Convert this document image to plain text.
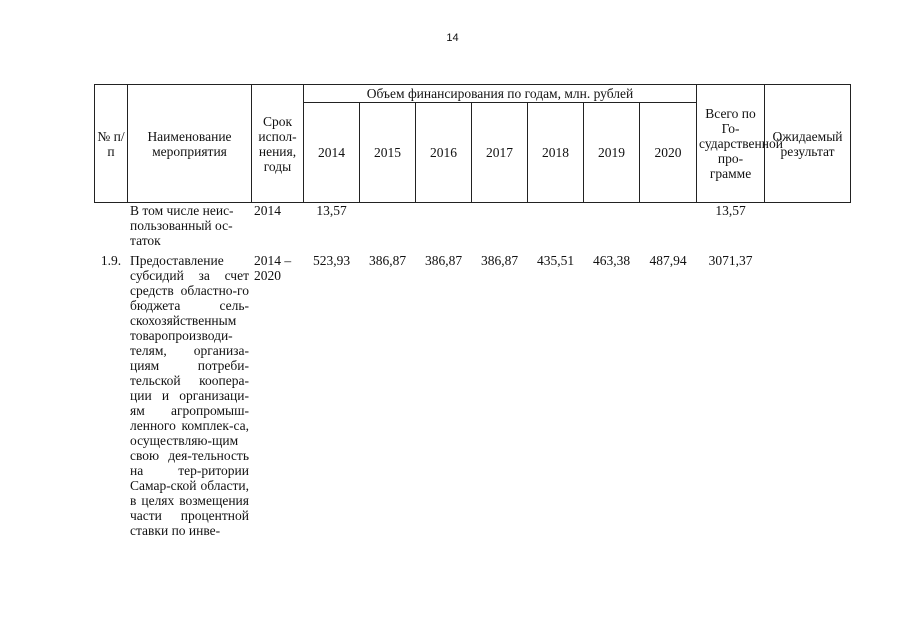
14
№ п/п	Наименование мероприятия	Срок испол-нения, годы	Объем финансирования по годам, млн. рублей							Всего по Го-сударственной про-грамме	Ожидаемый результат
			2014	2015	2016	2017	2018	2019	2020		
	В том числе неис-пользованный ос-таток	2014	13,57							13,57	
1.9.	Предоставление субсидий за счет средств областно-го бюджета сель-скохозяйственным товаропроизводи-телям, организа-циям потреби-тельской коопера-ции и организаци-ям агропромыш-ленного комплек-са, осуществляю-щим свою дея-тельность на тер-ритории Самар-ской области, в целях возмещения части процентной ставки по инве-	2014 – 2020	523,93	386,87	386,87	386,87	435,51	463,38	487,94	3071,37	
